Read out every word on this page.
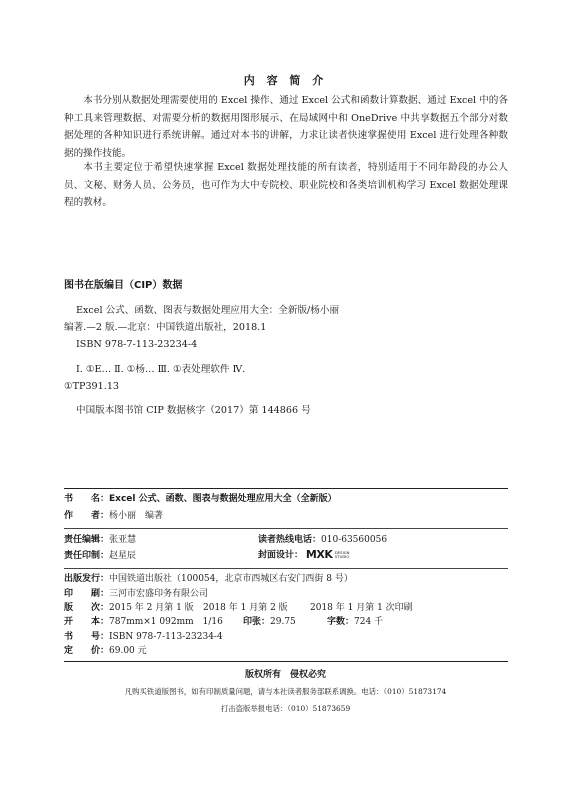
内 容 简 介
本书分别从数据处理需要使用的 Excel 操作、通过 Excel 公式和函数计算数据、通过 Excel 中的各种工具来管理数据、对需要分析的数据用图形展示、在局域网中和 OneDrive 中共享数据五个部分对数据处理的各种知识进行系统讲解。通过对本书的讲解，力求让读者快速掌握使用 Excel 进行处理各种数据的操作技能。
本书主要定位于希望快速掌握 Excel 数据处理技能的所有读者，特别适用于不同年龄段的办公人员、文秘、财务人员、公务员，也可作为大中专院校、职业院校和各类培训机构学习 Excel 数据处理课程的教材。
图书在版编目（CIP）数据
Excel 公式、函数、图表与数据处理应用大全：全新版/杨小丽
编著.—2 版.—北京：中国铁道出版社，2018.1
ISBN 978-7-113-23234-4
Ⅰ. ①E… Ⅱ. ①杨… Ⅲ. ①表处理软件 Ⅳ.
①TP391.13
中国版本图书馆 CIP 数据核字（2017）第 144866 号
书　　名：Excel 公式、函数、图表与数据处理应用大全（全新版）
作　　者：杨小丽　编著
责任编辑：张亚慧	读者热线电话：010-63560056
责任印制：赵星辰	封面设计： MX K DESIGN
STUDIO
出版发行：中国铁道出版社（100054，北京市西城区右安门西街 8 号）
印　　刷：三河市宏盛印务有限公司
版　　次：2015 年 2 月第 1 版 2018 年 1 月第 2 版 2018 年 1 月第 1 次印刷
开　　本：787mm×1 092mm　1/16 印张：29.75	字数：724 千
书　　号：ISBN 978-7-113-23234-4
定　　价：69.00 元
版权所有　侵权必究
凡购买铁道版图书，如有印制质量问题，请与本社读者服务部联系调换。电话：（010）51873174
打击盗版举报电话：（010）51873659
